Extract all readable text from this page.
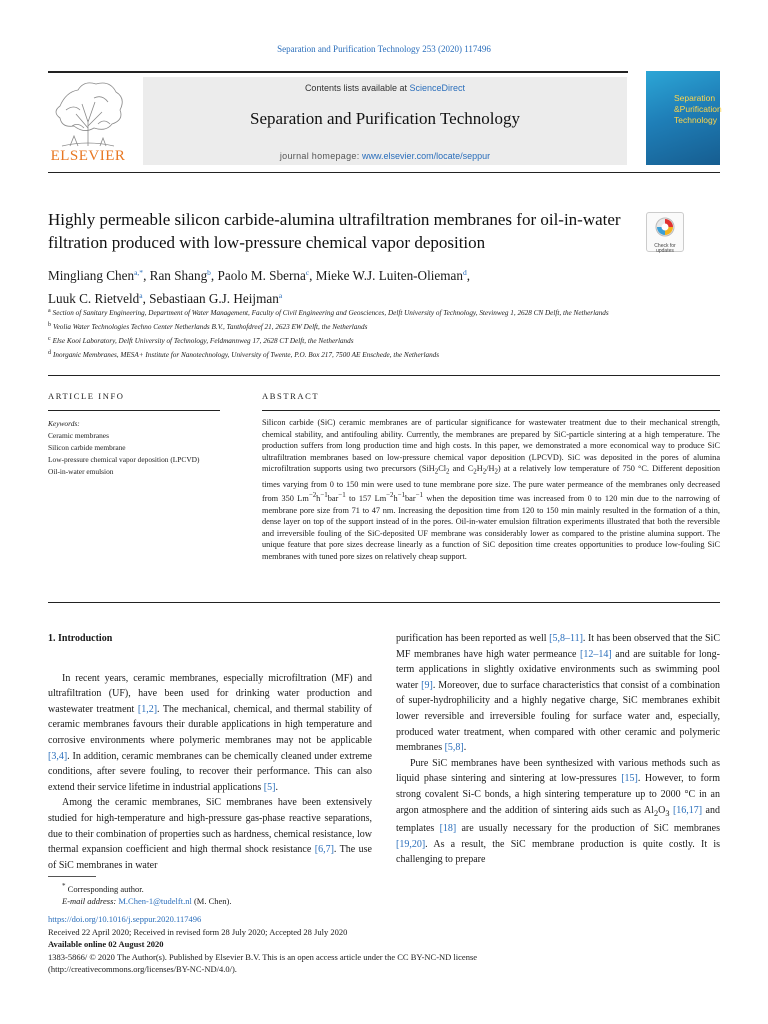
Separation and Purification Technology 253 (2020) 117496
ELSEVIER
Contents lists available at ScienceDirect
Separation and Purification Technology
journal homepage: www.elsevier.com/locate/seppur
Separation
&Purification
Technology
Highly permeable silicon carbide-alumina ultrafiltration membranes for oil-in-water filtration produced with low-pressure chemical vapor deposition	Check for updates
Mingliang Chen$^{a,*}$, Ran Shang$^b$, Paolo M. Sberna$^c$, Mieke W.J. Luiten-Olieman$^d$,
Luuk C. Rietveld$^a$, Sebastiaan G.J. Heijman$^a$
$^a$ Section of Sanitary Engineering, Department of Water Management, Faculty of Civil Engineering and Geosciences, Delft University of Technology, Stevinweg 1, 2628 CN Delft, the Netherlands
$^b$ Veolia Water Technologies Techno Center Netherlands B.V., Tanthofdreef 21, 2623 EW Delft, the Netherlands
$^c$ Else Kooi Laboratory, Delft University of Technology, Feldmannweg 17, 2628 CT Delft, the Netherlands
$^d$ Inorganic Membranes, MESA+ Institute for Nanotechnology, University of Twente, P.O. Box 217, 7500 AE Enschede, the Netherlands
ARTICLE INFO	ABSTRACT
Keywords:
Ceramic membranes
Silicon carbide membrane
Low-pressure chemical vapor deposition (LPCVD)
Oil-in-water emulsion
Silicon carbide (SiC) ceramic membranes are of particular significance for wastewater treatment due to their mechanical strength, chemical stability, and antifouling ability. Currently, the membranes are prepared by SiC-particle sintering at a high temperature. The production suffers from long production time and high costs. In this paper, we demonstrated a more economical way to produce SiC ultrafiltration membranes based on low-pressure chemical vapor deposition (LPCVD). SiC was deposited in the pores of alumina microfiltration supports using two precursors ($SiH_2Cl_2$ and $C_2H_2/H_2$) at a relatively low temperature of 750 °C. Different deposition times varying from 0 to 150 min were used to tune membrane pore size. The pure water permeance of the membranes only decreased from 350 $Lm^{-2}h^{-1}bar^{-1}$ to 157 $Lm^{-2}h^{-1}bar^{-1}$ when the deposition time was increased from 0 to 120 min due to the narrowing of membrane pore size from 71 to 47 nm. Increasing the deposition time from 120 to 150 min mainly resulted in the formation of a thin, dense layer on top of the support instead of in the pores. Oil-in-water emulsion filtration experiments illustrated that both the reversible and irreversible fouling of the SiC-deposited UF membrane was considerably lower as compared to the pristine alumina support. The unique feature that pore sizes decrease linearly as a function of SiC deposition time creates opportunities to produce low-fouling SiC membranes with tuned pore sizes on relatively cheap support.

1. Introduction

In recent years, ceramic membranes, especially microfiltration (MF) and ultrafiltration (UF), have been used for drinking water production and wastewater treatment [1,2]. The mechanical, chemical, and thermal stability of ceramic membranes favours their durable applications in high temperature and corrosive environments where polymeric membranes may not be applicable [3,4]. In addition, ceramic membranes can be chemically cleaned under extreme conditions, after severe fouling, to recover their performance. This can also extend their service lifetime in industrial applications [5].

Among the ceramic membranes, SiC membranes have been extensively studied for high-temperature and high-pressure gas-phase reactive separations, due to their combination of properties such as hardness, chemical resistance, low thermal expansion coefficient and high thermal shock resistance [6,7]. The use of SiC membranes in water

purification has been reported as well [5,8–11]. It has been observed that the SiC MF membranes have high water permeance [12–14] and are suitable for long-term applications in slightly oxidative environments such as swimming pool water [9]. Moreover, due to surface characteristics that consist of a combination of super-hydrophilicity and a highly negative charge, SiC membranes exhibit lower reversible and irreversible fouling for surface water and, especially, produced water treatment, when compared with other ceramic and polymeric membranes [5,8].

Pure SiC membranes have been synthesized with various methods such as liquid phase sintering and sintering at low-pressures [15]. However, to form strong covalent Si-C bonds, a high sintering temperature up to 2000 °C in an argon atmosphere and the addition of sintering aids such as $Al_2O_3$ [16,17] and templates [18] are usually necessary for the production of SiC membranes [19,20]. As a result, the SiC membrane production is quite costly. It is challenging to prepare

* Corresponding author.
E-mail address: M.Chen-1@tudelft.nl (M. Chen).
https://doi.org/10.1016/j.seppur.2020.117496
Received 22 April 2020; Received in revised form 28 July 2020; Accepted 28 July 2020
Available online 02 August 2020
1383-5866/ © 2020 The Author(s). Published by Elsevier B.V. This is an open access article under the CC BY-NC-ND license
(http://creativecommons.org/licenses/BY-NC-ND/4.0/).
